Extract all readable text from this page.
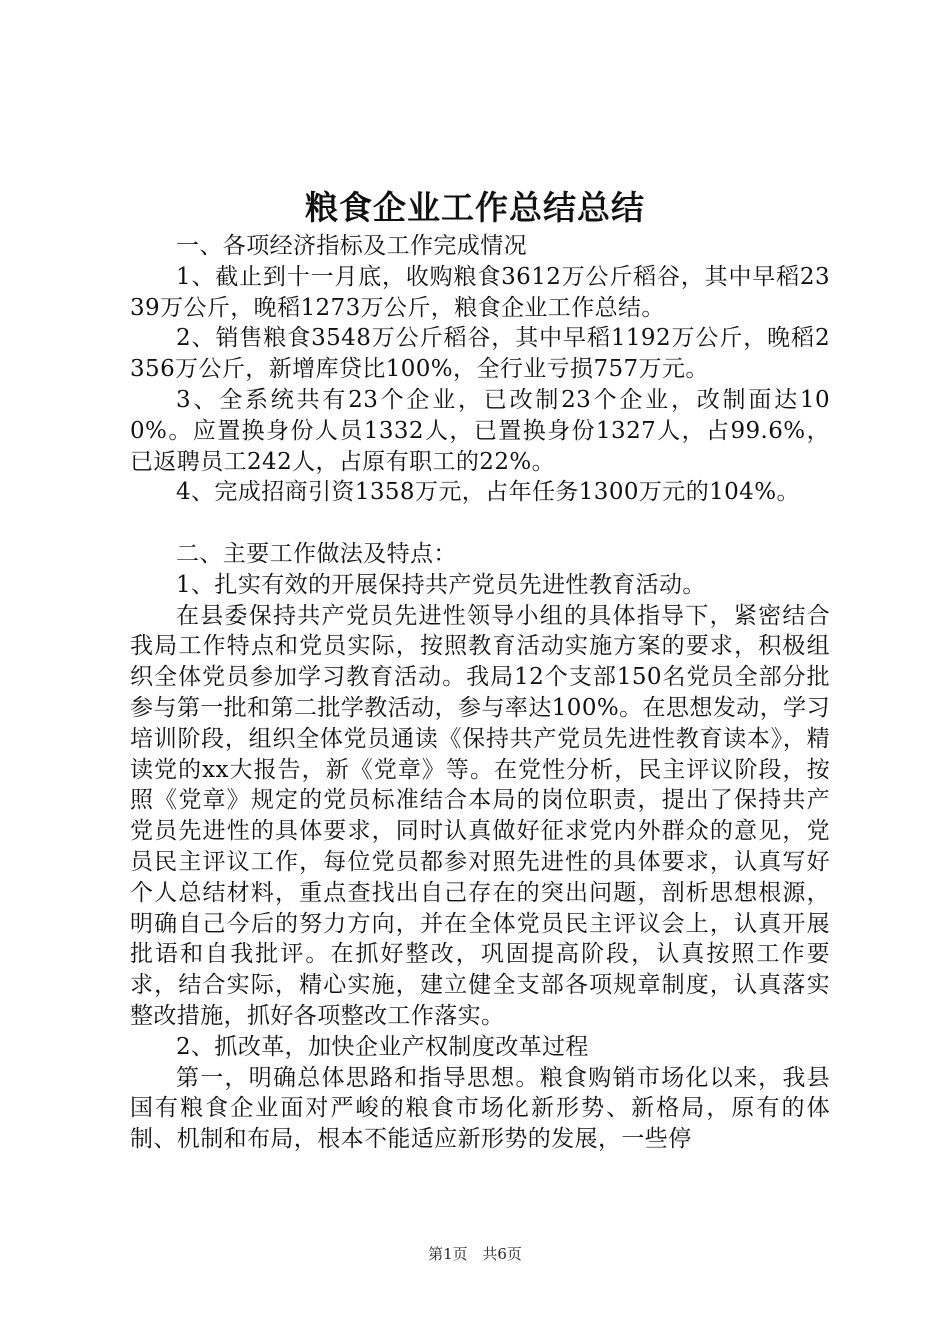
粮食企业工作总结总结

一、各项经济指标及工作完成情况

1、截止到十一月底，收购粮食3612万公斤稻谷，其中早稻2339万公斤，晚稻1273万公斤，粮食企业工作总结。

2、销售粮食3548万公斤稻谷，其中早稻1192万公斤，晚稻2356万公斤，新增库贷比100%，全行业亏损757万元。

3、全系统共有23个企业，已改制23个企业，改制面达100%。应置换身份人员1332人，已置换身份1327人，占99.6%，已返聘员工242人，占原有职工的22%。

4、完成招商引资1358万元，占年任务1300万元的104%。

二、主要工作做法及特点：

1、扎实有效的开展保持共产党员先进性教育活动。

在县委保持共产党员先进性领导小组的具体指导下，紧密结合我局工作特点和党员实际，按照教育活动实施方案的要求，积极组织全体党员参加学习教育活动。我局12个支部150名党员全部分批参与第一批和第二批学教活动，参与率达100%。在思想发动，学习培训阶段，组织全体党员通读《保持共产党员先进性教育读本》，精读党的xx大报告，新《党章》等。在党性分析，民主评议阶段，按照《党章》规定的党员标准结合本局的岗位职责，提出了保持共产党员先进性的具体要求，同时认真做好征求党内外群众的意见，党员民主评议工作，每位党员都参对照先进性的具体要求，认真写好个人总结材料，重点查找出自己存在的突出问题，剖析思想根源，明确自己今后的努力方向，并在全体党员民主评议会上，认真开展批语和自我批评。在抓好整改，巩固提高阶段，认真按照工作要求，结合实际，精心实施，建立健全支部各项规章制度，认真落实整改措施，抓好各项整改工作落实。

2、抓改革，加快企业产权制度改革过程

第一，明确总体思路和指导思想。粮食购销市场化以来，我县国有粮食企业面对严峻的粮食市场化新形势、新格局，原有的体制、机制和布局，根本不能适应新形势的发展，一些停

第1页 共6页
